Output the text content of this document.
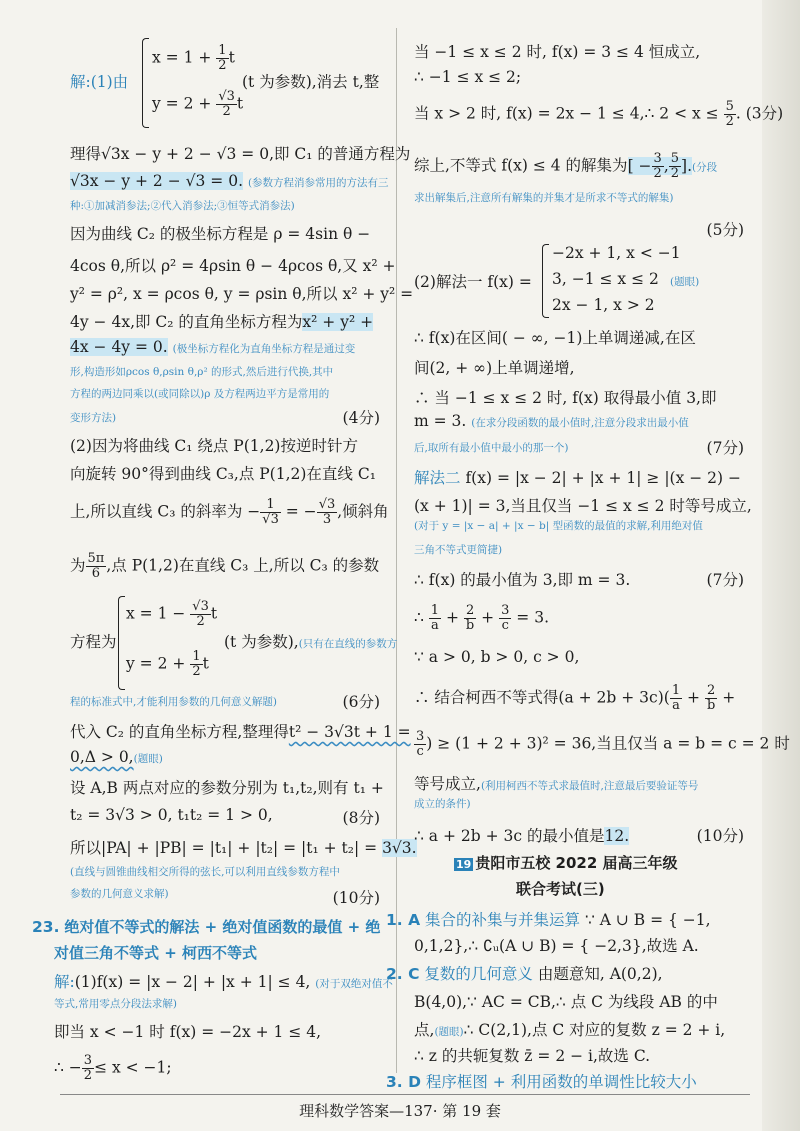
解:(1)由
$x = 1 + \frac{1}{2}$ t
$y = 2 + \frac{√3}{2}$ t
(t 为参数),消去 t,整
理得√3x − y + 2 − √3 = 0,即 C₁ 的普通方程为
√3x − y + 2 − √3 = 0. (参数方程消参常用的方法有三
种:①加减消参法;②代入消参法;③恒等式消参法)
因为曲线 C₂ 的极坐标方程是 ρ = 4sin θ −
4cos θ,所以 ρ² = 4ρsin θ − 4ρcos θ,又 x² +
y² = ρ², x = ρcos θ, y = ρsin θ,所以 x² + y² =
4y − 4x,即 C₂ 的直角坐标方程为x² + y² +
4x − 4y = 0. (极坐标方程化为直角坐标方程是通过变
形,构造形如ρcos θ,ρsin θ,ρ² 的形式,然后进行代换,其中
方程的两边同乘以(或同除以)ρ 及方程两边平方是常用的
变形方法)	(4分)
(2)因为将曲线 C₁ 绕点 P(1,2)按逆时针方
向旋转 90°得到曲线 C₃,点 P(1,2)在直线 C₁
上,所以直线 C₃ 的斜率为 − $\frac{1}{√3}$ = − $\frac{√3}{3}$ ,倾斜角
为 $\frac{5\pi}{6}$ ,点 P(1,2)在直线 C₃ 上,所以 C₃ 的参数
方程为
$x = 1 - \frac{√3}{2}$ t
$y = 2 + \frac{1}{2}$ t
(t 为参数),(只有在直线的参数方
程的标准式中,才能利用参数的几何意义解题)	(6分)
代入 C₂ 的直角坐标方程,整理得t² − 3√3t + 1 =
0,Δ > 0,(题眼)
设 A,B 两点对应的参数分别为 t₁,t₂,则有 t₁ +
t₂ = 3√3 > 0, t₁t₂ = 1 > 0,	(8分)
所以|PA| + |PB| = |t₁| + |t₂| = |t₁ + t₂| = 3√3.
(直线与圆锥曲线相交所得的弦长,可以利用直线参数方程中
参数的几何意义求解)	(10分)
23. 绝对值不等式的解法 + 绝对值函数的最值 + 绝
对值三角不等式 + 柯西不等式
解:(1)f(x) = |x − 2| + |x + 1| ≤ 4, (对于双绝对值不
等式,常用零点分段法求解)
即当 x < −1 时 f(x) = −2x + 1 ≤ 4,
∴ − $\frac{3}{2} \le x < -1$;
当 −1 ≤ x ≤ 2 时, f(x) = 3 ≤ 4 恒成立,
∴ −1 ≤ x ≤ 2;
当 x > 2 时, f(x) = 2x − 1 ≤ 4,∴ $2 < x \le \frac{5}{2}$ . (3分)
综上,不等式 f(x) ≤ 4 的解集为[ − $\frac{3}{2}$ , $\frac{5}{2}$ ].(分段
求出解集后,注意所有解集的并集才是所求不等式的解集)
(5分)
(2)解法一 f(x) =
−2x + 1, x < −1
3, −1 ≤ x ≤ 2
2x − 1, x > 2
(题眼)
∴ f(x)在区间( − ∞, −1)上单调递减,在区
间(2, + ∞)上单调递增,
∴ 当 −1 ≤ x ≤ 2 时, f(x) 取得最小值 3,即
m = 3. (在求分段函数的最小值时,注意分段求出最小值
后,取所有最小值中最小的那一个)	(7分)
解法二 f(x) = |x − 2| + |x + 1| ≥ |(x − 2) −
(x + 1)| = 3,当且仅当 −1 ≤ x ≤ 2 时等号成立,
(对于 y = |x − a| + |x − b| 型函数的最值的求解,利用绝对值
三角不等式更简捷)
∴ f(x) 的最小值为 3,即 m = 3.	(7分)
∴ $\frac{1}{a} + \frac{2}{b} + \frac{3}{c} = 3$.
∵ a > 0, b > 0, c > 0,
∴ 结合柯西不等式得$(a + 2b + 3c)( \frac{1}{a} + \frac{2}{b}$ +
$\frac{3}{c}$ ) ≥ (1 + 2 + 3)² = 36,当且仅当 a = b = c = 2 时
等号成立,(利用柯西不等式求最值时,注意最后要验证等号
成立的条件)
∴ a + 2b + 3c 的最小值是12.	(10分)
19 贵阳市五校 2022 届高三年级
联合考试(三)
1. A 集合的补集与并集运算 ∵ A ∪ B = { −1,
0,1,2},∴ ∁ᵤ(A ∪ B) = { −2,3},故选 A.
2. C 复数的几何意义 由题意知, A(0,2),
B(4,0),∵ AC = CB,∴ 点 C 为线段 AB 的中
点,(题眼)∴ C(2,1),点 C 对应的复数 z = 2 + i,
∴ z 的共轭复数 z̄ = 2 − i,故选 C.
3. D 程序框图 + 利用函数的单调性比较大小
理科数学答案—137· 第 19 套
